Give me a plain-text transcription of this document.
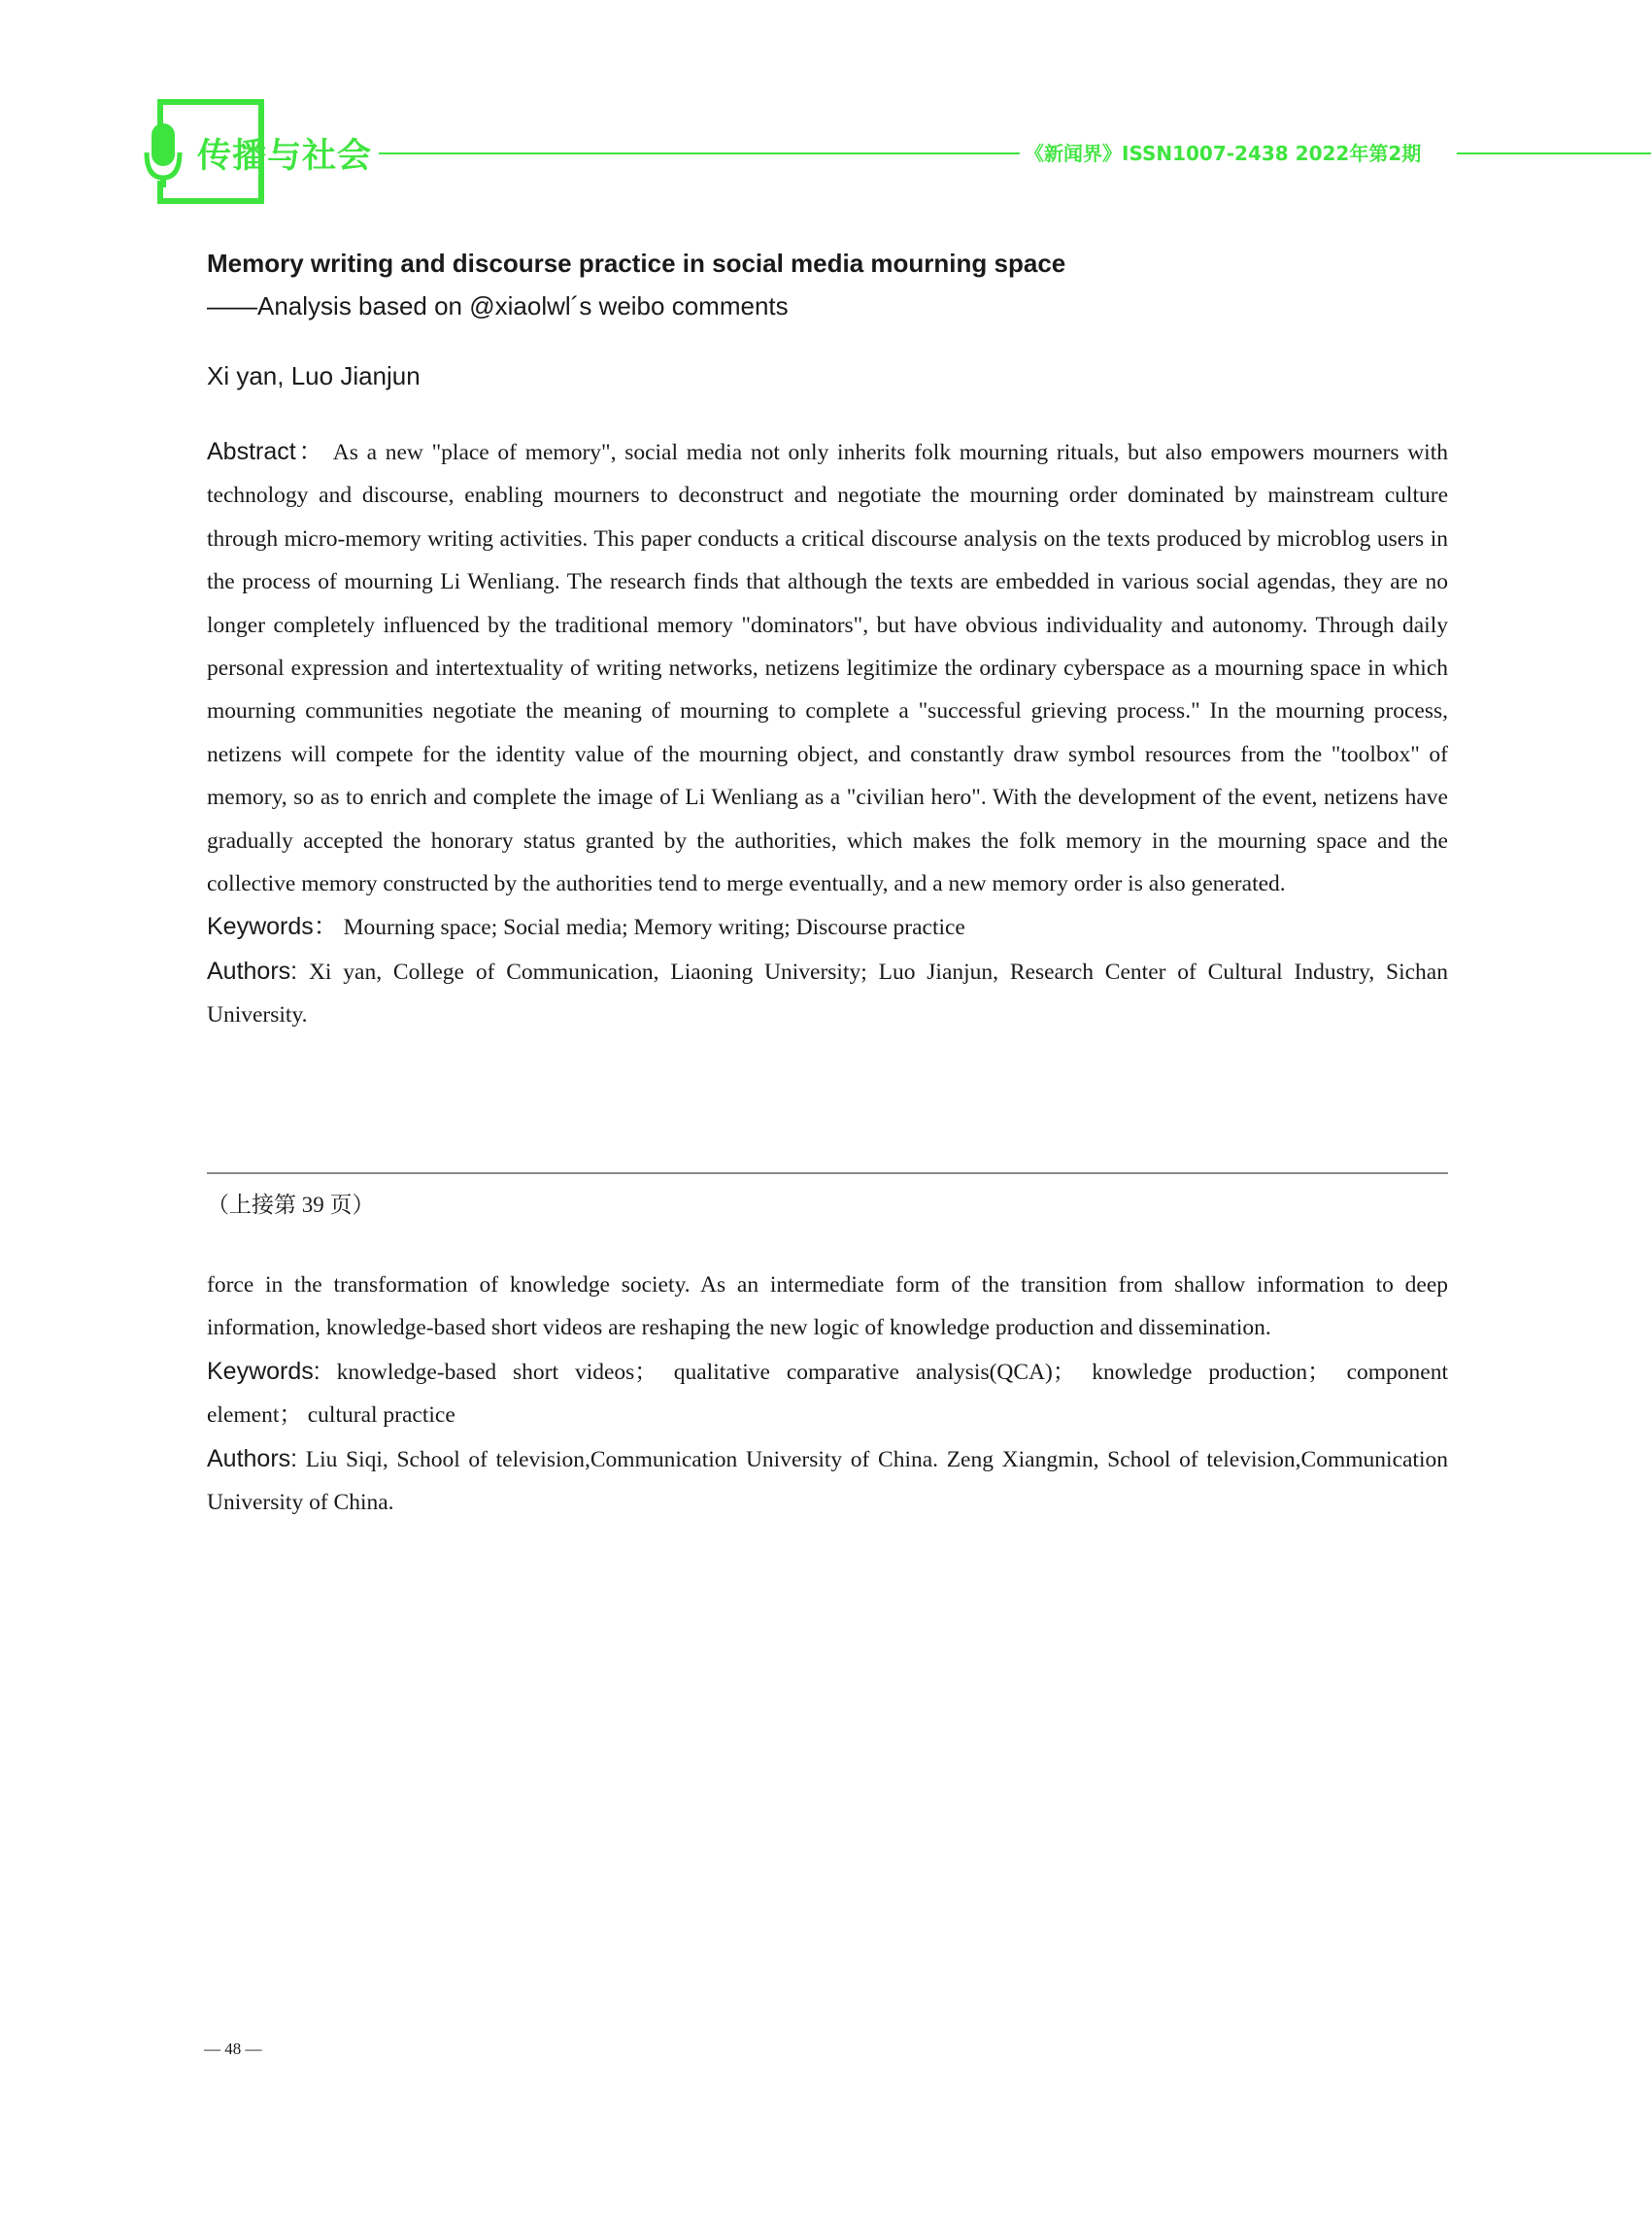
传播与社会	《新闻界》ISSN1007-2438 2022年第2期
Memory writing and discourse practice in social media mourning space
——Analysis based on @xiaolwl´s weibo comments
Xi yan, Luo Jianjun

Abstract： As a new "place of memory", social media not only inherits folk mourning rituals, but also empowers mourners with technology and discourse, enabling mourners to deconstruct and negotiate the mourning order dominated by mainstream culture through micro-memory writing activities. This paper conducts a critical discourse analysis on the texts produced by microblog users in the process of mourning Li Wenliang. The research finds that although the texts are embedded in various social agendas, they are no longer completely influenced by the traditional memory "dominators", but have obvious individuality and autonomy. Through daily personal expression and intertextuality of writing networks, netizens legitimize the ordinary cyberspace as a mourning space in which mourning communities negotiate the meaning of mourning to complete a "successful grieving process." In the mourning process, netizens will compete for the identity value of the mourning object, and constantly draw symbol resources from the "toolbox" of memory, so as to enrich and complete the image of Li Wenliang as a "civilian hero". With the development of the event, netizens have gradually accepted the honorary status granted by the authorities, which makes the folk memory in the mourning space and the collective memory constructed by the authorities tend to merge eventually, and a new memory order is also generated.

Keywords： Mourning space; Social media; Memory writing; Discourse practice

Authors: Xi yan, College of Communication, Liaoning University; Luo Jianjun, Research Center of Cultural Industry, Sichan University.

（上接第 39 页）

force in the transformation of knowledge society. As an intermediate form of the transition from shallow information to deep information, knowledge-based short videos are reshaping the new logic of knowledge production and dissemination.

Keywords: knowledge-based short videos； qualitative comparative analysis(QCA)； knowledge production； component element； cultural practice

Authors: Liu Siqi, School of television,Communication University of China. Zeng Xiangmin, School of television,Communication University of China.

— 48 —
